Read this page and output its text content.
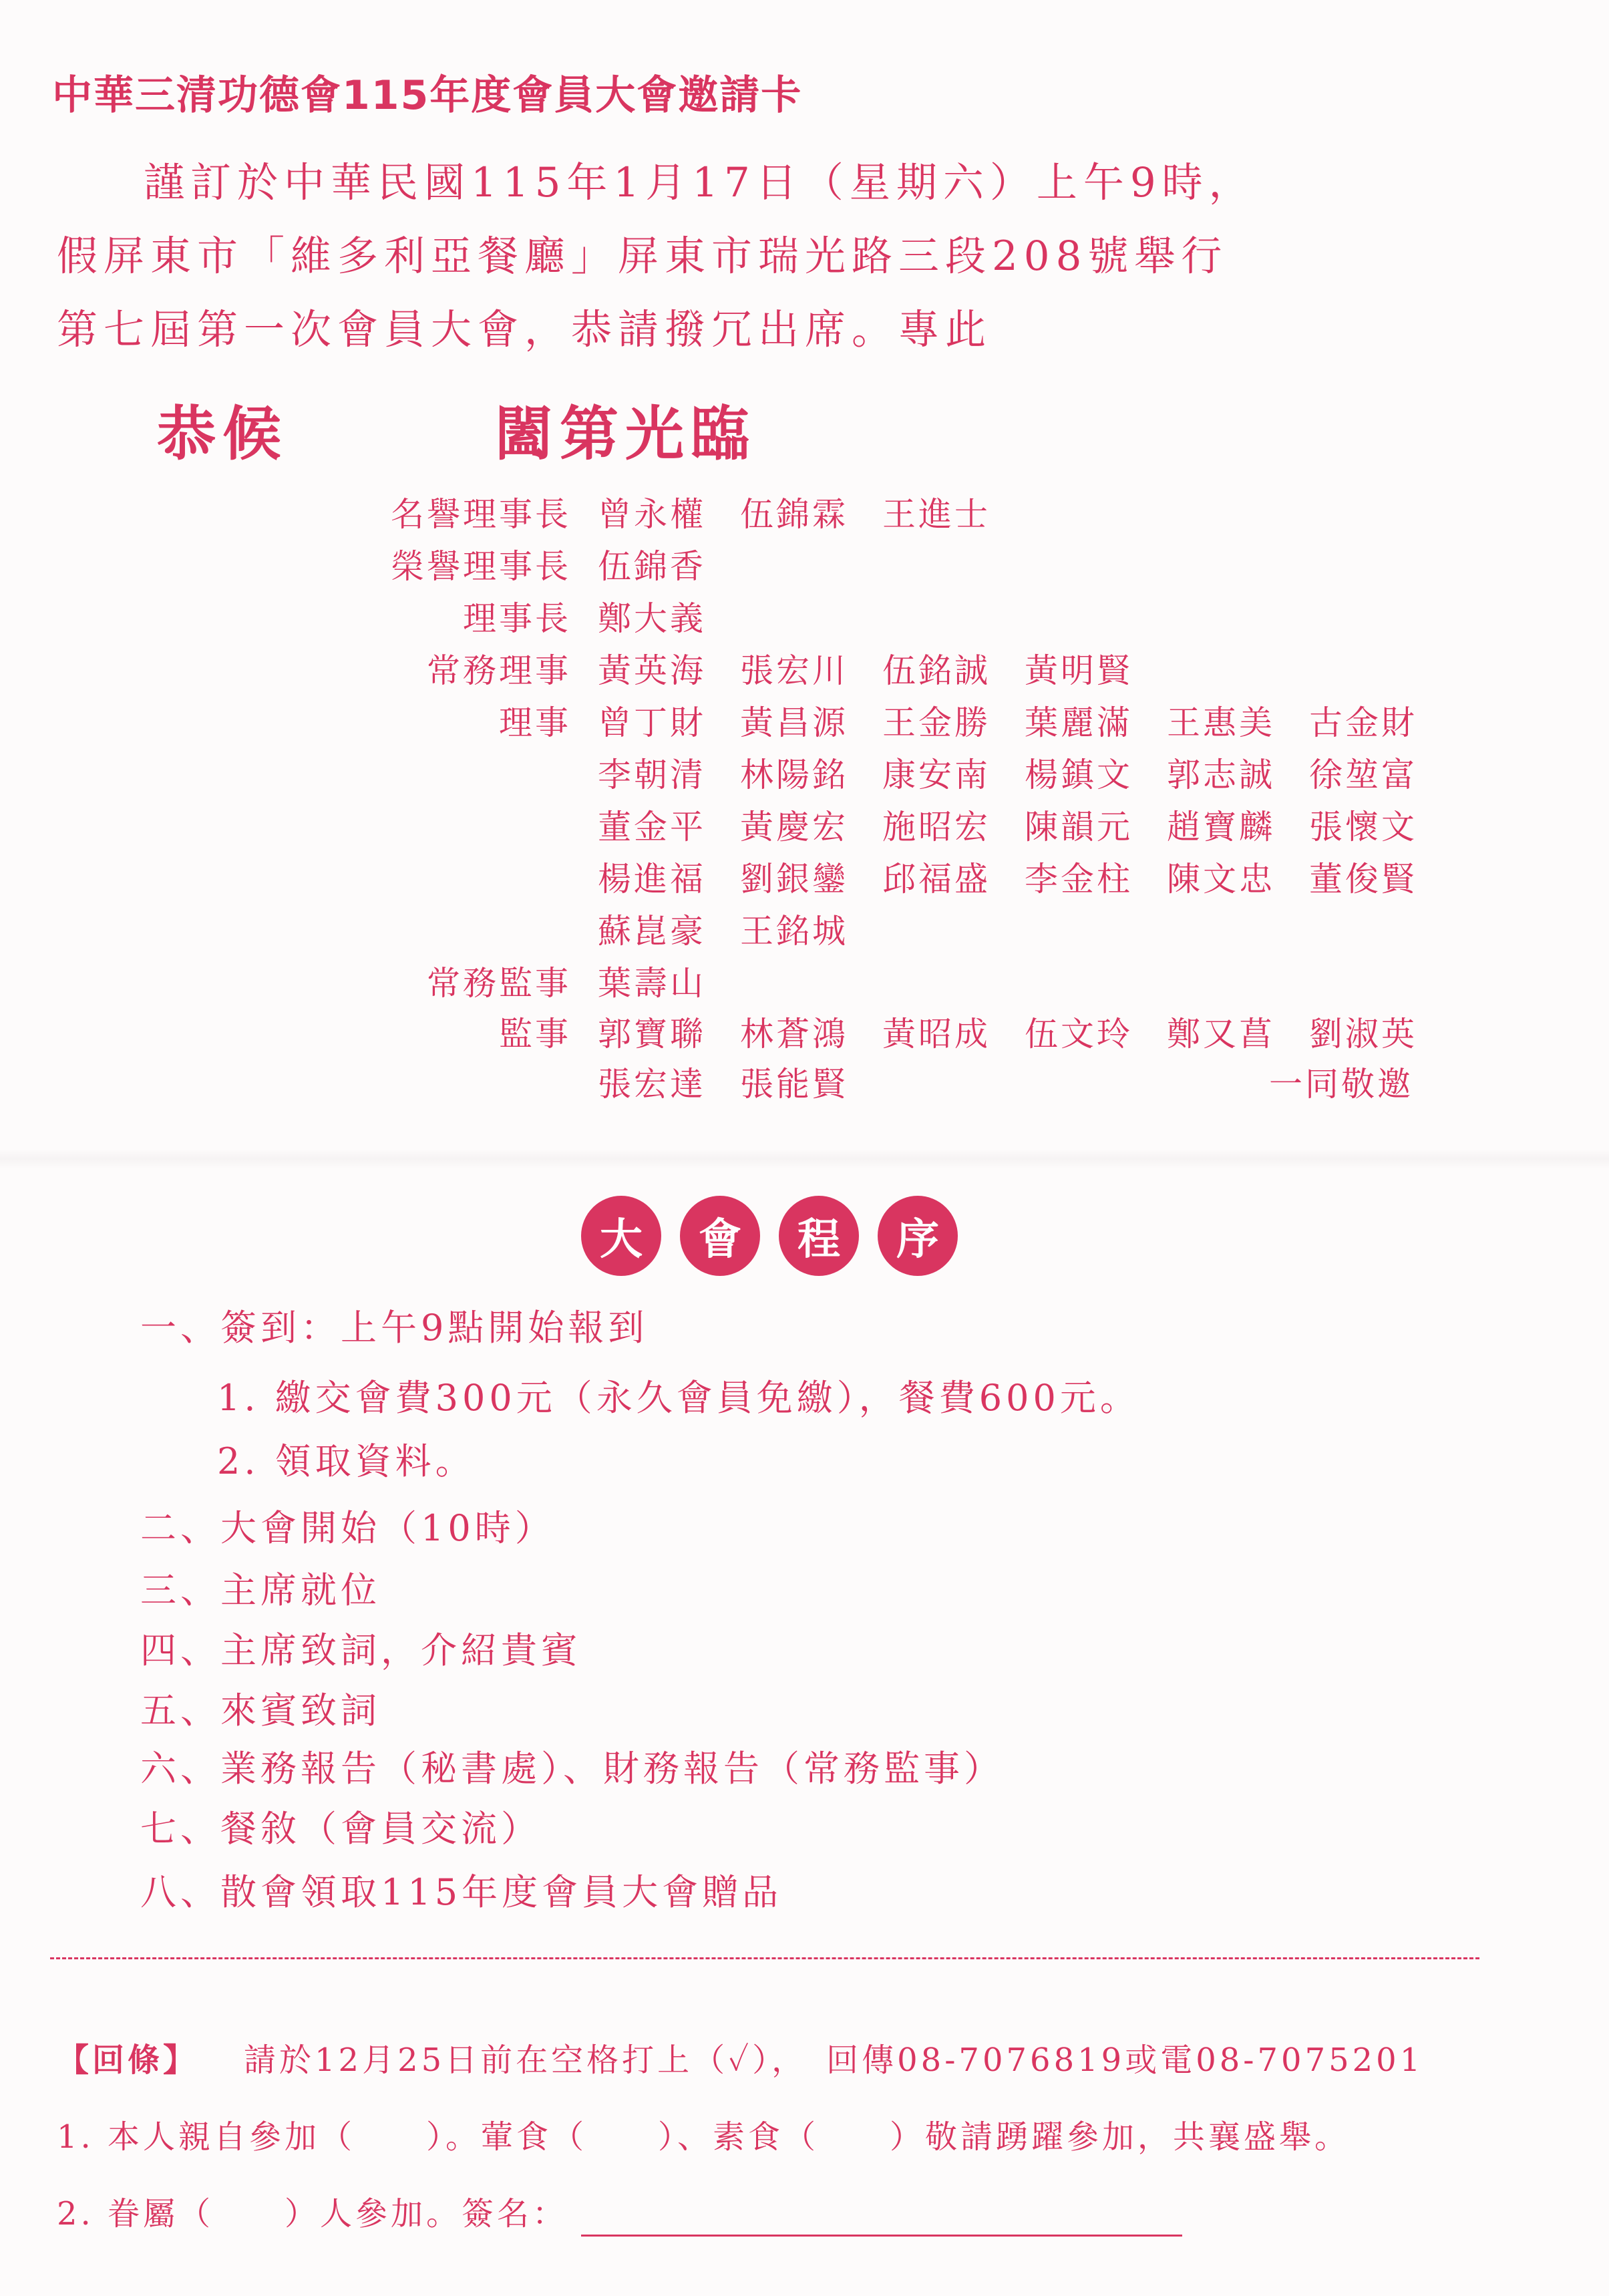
中華三清功德會115年度會員大會邀請卡
謹訂於中華民國115年1月17日（星期六）上午9時，
假屏東市「維多利亞餐廳」屏東市瑞光路三段208號舉行
第七屆第一次會員大會，恭請撥冗出席。專此
恭候	闔第光臨
名譽理事長 曾永權 伍錦霖 王進士
榮譽理事長 伍錦香
理事長 鄭大義
常務理事 黃英海 張宏川 伍銘誠 黃明賢
理事 曾丁財 黃昌源 王金勝 葉麗滿 王惠美 古金財
李朝清 林陽銘 康安南 楊鎮文 郭志誠 徐堃富
董金平 黃慶宏 施昭宏 陳韻元 趙寶麟 張懷文
楊進福 劉銀鑾 邱福盛 李金柱 陳文忠 董俊賢
蘇崑豪 王銘城
常務監事 葉壽山
監事 郭寶聯 林蒼鴻 黃昭成 伍文玲 鄭又菖 劉淑英
張宏達 張能賢	一同敬邀
大	會	程	序
一、簽到：上午9點開始報到
1. 繳交會費300元（永久會員免繳），餐費600元。
2. 領取資料。
二、大會開始（10時）
三、主席就位
四、主席致詞，介紹貴賓
五、來賓致詞
六、業務報告（秘書處）、財務報告（常務監事）
七、餐敘（會員交流）
八、散會領取115年度會員大會贈品
【回條】 請於12月25日前在空格打上（✓），　回傳08-7076819或電08-7075201
1. 本人親自參加（　　）。葷食（　　）、素食（　　）敬請踴躍參加，共襄盛舉。
2. 眷屬（　　）人參加。簽名：
